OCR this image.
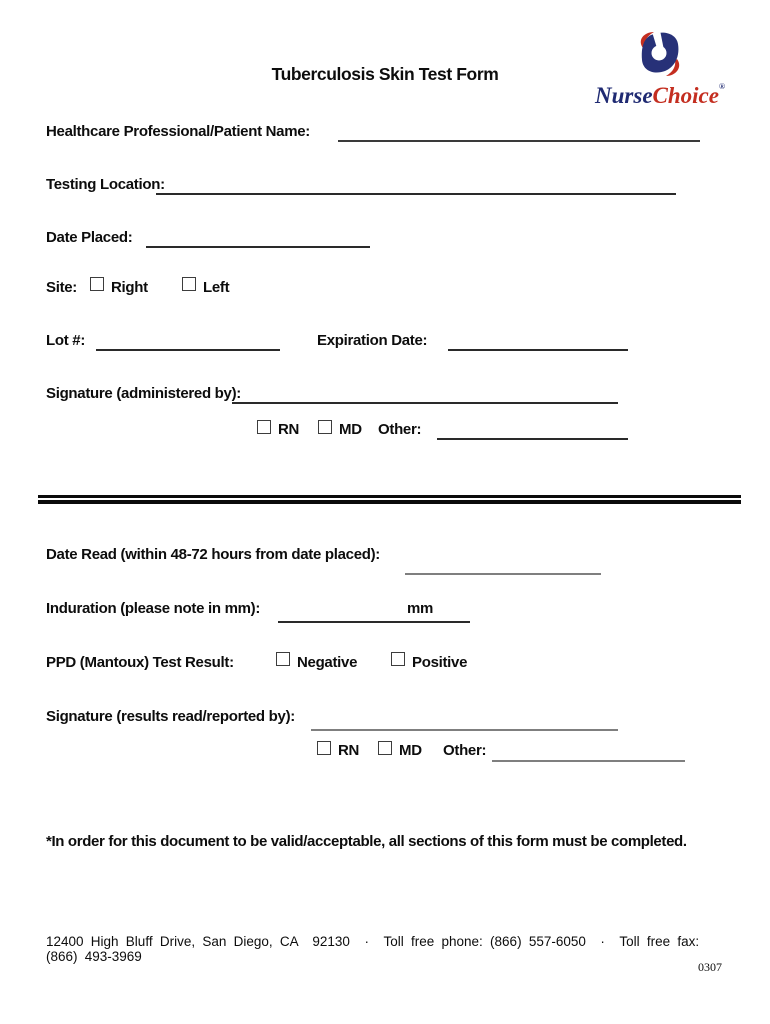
Tuberculosis Skin Test Form
NurseChoice®
Healthcare Professional/Patient Name:
Testing Location:
Date Placed:
Site: Right	Left
Lot #:	Expiration Date:
Signature (administered by):
RN	MD Other:
Date Read (within 48-72 hours from date placed):
Induration (please note in mm):	mm
PPD (Mantoux) Test Result:	Negative	Positive
Signature (results read/reported by):
RN	MD Other:
*In order for this document to be valid/acceptable, all sections of this form must be completed.
12400 High Bluff Drive, San Diego, CA  92130 · Toll free phone: (866) 557-6050 · Toll free fax: (866) 493-3969
0307
